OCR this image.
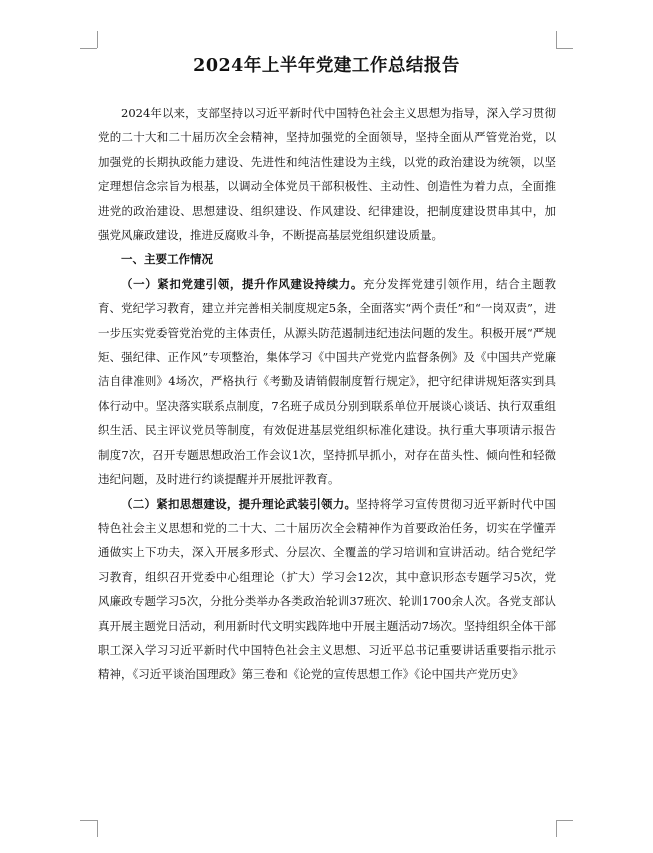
2024年上半年党建工作总结报告

2024年以来，支部坚持以习近平新时代中国特色社会主义思想为指导，深入学习贯彻党的二十大和二十届历次全会精神，坚持加强党的全面领导，坚持全面从严管党治党，以加强党的长期执政能力建设、先进性和纯洁性建设为主线，以党的政治建设为统领，以坚定理想信念宗旨为根基，以调动全体党员干部积极性、主动性、创造性为着力点，全面推进党的政治建设、思想建设、组织建设、作风建设、纪律建设，把制度建设贯串其中，加强党风廉政建设，推进反腐败斗争，不断提高基层党组织建设质量。

一、主要工作情况

（一）紧扣党建引领，提升作风建设持续力。充分发挥党建引领作用，结合主题教育、党纪学习教育，建立并完善相关制度规定5条，全面落实“两个责任”和“一岗双责”，进一步压实党委管党治党的主体责任，从源头防范遏制违纪违法问题的发生。积极开展“严规矩、强纪律、正作风”专项整治，集体学习《中国共产党党内监督条例》及《中国共产党廉洁自律准则》4场次，严格执行《考勤及请销假制度暂行规定》，把守纪律讲规矩落实到具体行动中。坚决落实联系点制度，7名班子成员分别到联系单位开展谈心谈话、执行双重组织生活、民主评议党员等制度，有效促进基层党组织标准化建设。执行重大事项请示报告制度7次，召开专题思想政治工作会议1次，坚持抓早抓小，对存在苗头性、倾向性和轻微违纪问题，及时进行约谈提醒并开展批评教育。

（二）紧扣思想建设，提升理论武装引领力。坚持将学习宣传贯彻习近平新时代中国特色社会主义思想和党的二十大、二十届历次全会精神作为首要政治任务，切实在学懂弄通做实上下功夫，深入开展多形式、分层次、全覆盖的学习培训和宣讲活动。结合党纪学习教育，组织召开党委中心组理论（扩大）学习会12次，其中意识形态专题学习5次，党风廉政专题学习5次，分批分类举办各类政治轮训37班次、轮训1700余人次。各党支部认真开展主题党日活动，利用新时代文明实践阵地中开展主题活动7场次。坚持组织全体干部职工深入学习习近平新时代中国特色社会主义思想、习近平总书记重要讲话重要指示批示精神，《习近平谈治国理政》第三卷和《论党的宣传思想工作》《论中国共产党历史》
